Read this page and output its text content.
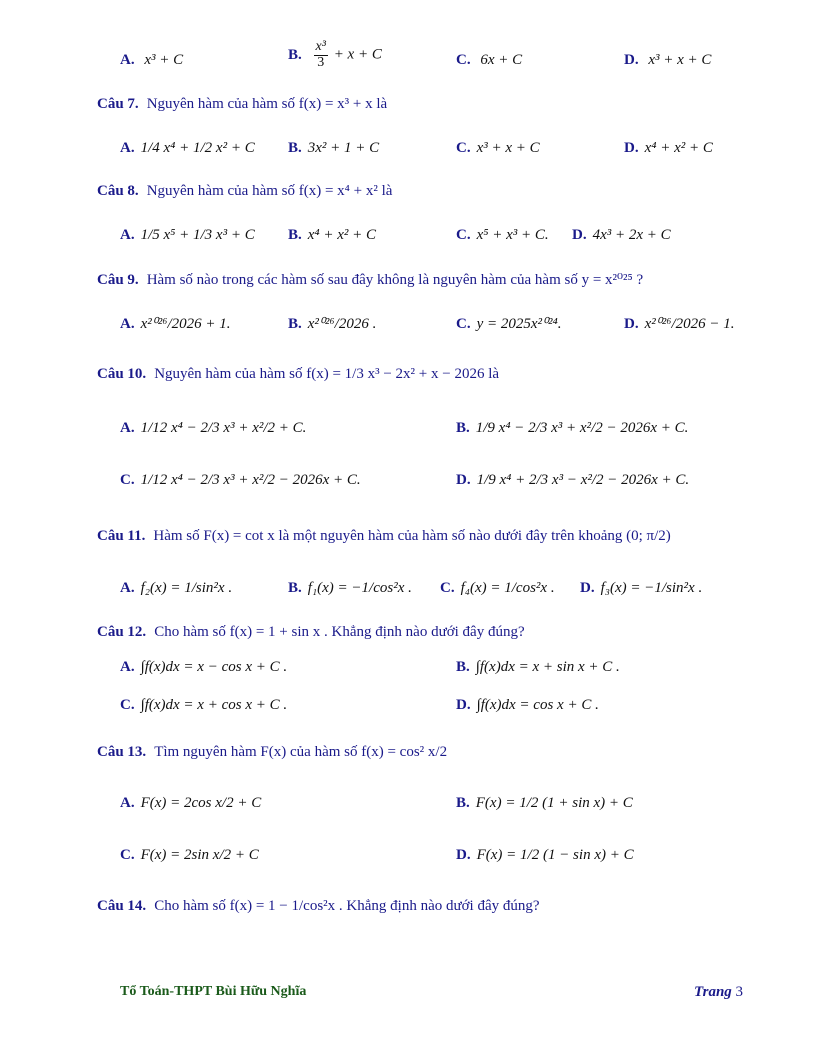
A. x³ + C	B. $\frac{\text{x³}}{3} + x + C$	C. 6x + C	D. x³ + x + C
Câu 7. Nguyên hàm của hàm số f(x) = x³ + x là
A. 1/4 x⁴ + 1/2 x² + C B. 3x² + 1 + C	C. x³ + x + C	D. x⁴ + x² + C
Câu 8. Nguyên hàm của hàm số f(x) = x⁴ + x² là
A. 1/5 x⁵ + 1/3 x³ + C B. x⁴ + x² + C	C. x⁵ + x³ + C. D. 4x³ + 2x + C
Câu 9. Hàm số nào trong các hàm số sau đây không là nguyên hàm của hàm số y = x²⁰²⁵ ?
A. x²⁰²⁶/2026 + 1.	B. x²⁰²⁶/2026 .	C. y = 2025x²⁰²⁴.	D. x²⁰²⁶/2026 − 1.
Câu 10. Nguyên hàm của hàm số f(x) = 1/3 x³ − 2x² + x − 2026 là
A. 1/12 x⁴ − 2/3 x³ + x²/2 + C.	B. 1/9 x⁴ − 2/3 x³ + x²/2 − 2026x + C.
C. 1/12 x⁴ − 2/3 x³ + x²/2 − 2026x + C.	D. 1/9 x⁴ + 2/3 x³ − x²/2 − 2026x + C.
Câu 11. Hàm số F(x) = cot x là một nguyên hàm của hàm số nào dưới đây trên khoảng (0; π/2)
A. f₂(x) = 1/sin²x .	B. f₁(x) = −1/cos²x . C. f₄(x) = 1/cos²x . D. f₃(x) = −1/sin²x .
Câu 12. Cho hàm số f(x) = 1 + sin x . Khẳng định nào dưới đây đúng?
A. ∫f(x)dx = x − cos x + C .	B. ∫f(x)dx = x + sin x + C .
C. ∫f(x)dx = x + cos x + C .	D. ∫f(x)dx = cos x + C .
Câu 13. Tìm nguyên hàm F(x) của hàm số f(x) = cos² x/2
A. F(x) = 2cos x/2 + C	B. F(x) = 1/2 (1 + sin x) + C
C. F(x) = 2sin x/2 + C	D. F(x) = 1/2 (1 − sin x) + C
Câu 14. Cho hàm số f(x) = 1 − 1/cos²x . Khẳng định nào dưới đây đúng?
Tổ Toán-THPT Bùi Hữu Nghĩa	Trang 3
